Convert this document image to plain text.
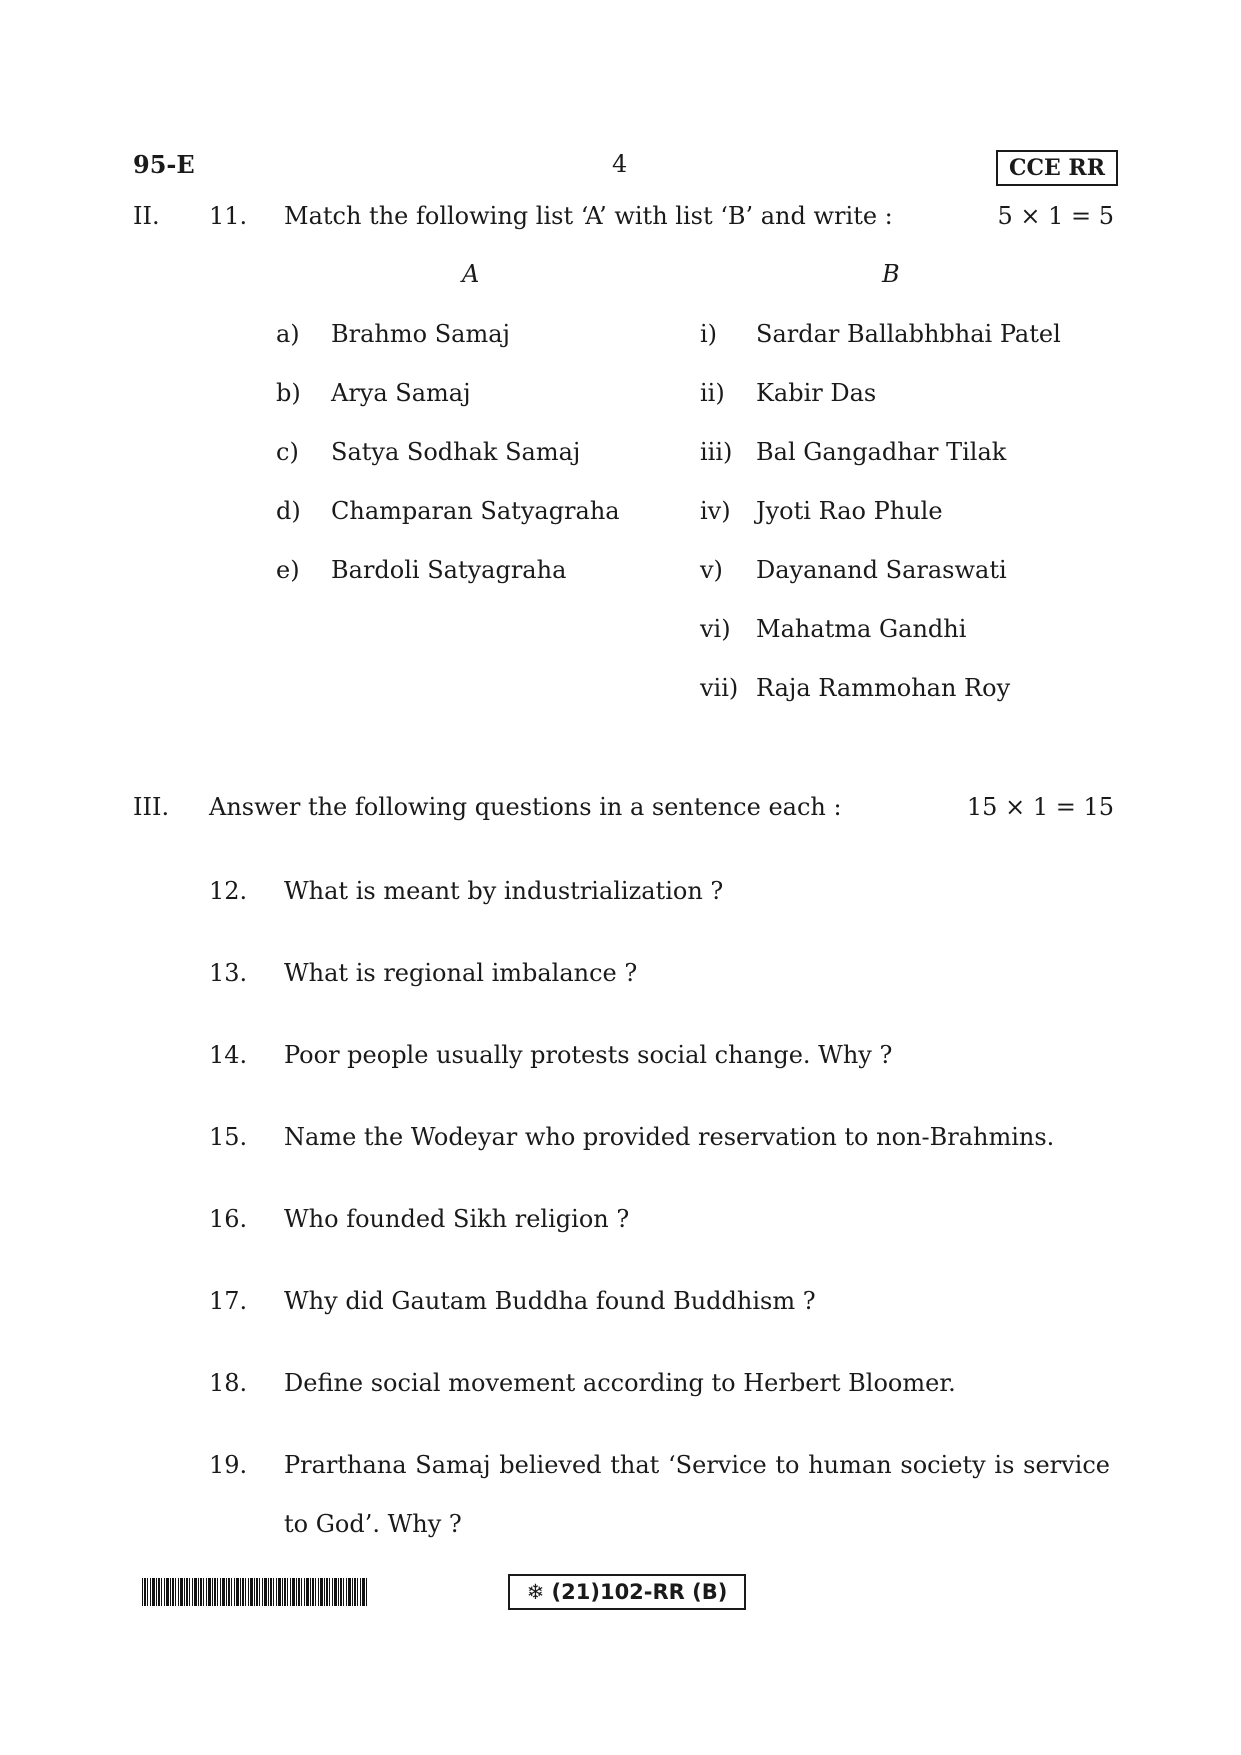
95-E	4	CCE RR
II. 11. Match the following list ‘A’ with list ‘B’ and write :	5 × 1 = 5
A	B
a) Brahmo Samaj
b) Arya Samaj
c) Satya Sodhak Samaj
d) Champaran Satyagraha
e) Bardoli Satyagraha
i) Sardar Ballabhbhai Patel
ii) Kabir Das
iii) Bal Gangadhar Tilak
iv) Jyoti Rao Phule
v) Dayanand Saraswati
vi) Mahatma Gandhi
vii) Raja Rammohan Roy
III. Answer the following questions in a sentence each :	15 × 1 = 15
12. What is meant by industrialization ?
13. What is regional imbalance ?
14. Poor people usually protests social change. Why ?
15. Name the Wodeyar who provided reservation to non-Brahmins.
16. Who founded Sikh religion ?
17. Why did Gautam Buddha found Buddhism ?
18. Define social movement according to Herbert Bloomer.
19. Prarthana Samaj believed that ‘Service to human society is service
to God’. Why ?
❄ (21)102-RR (B)
